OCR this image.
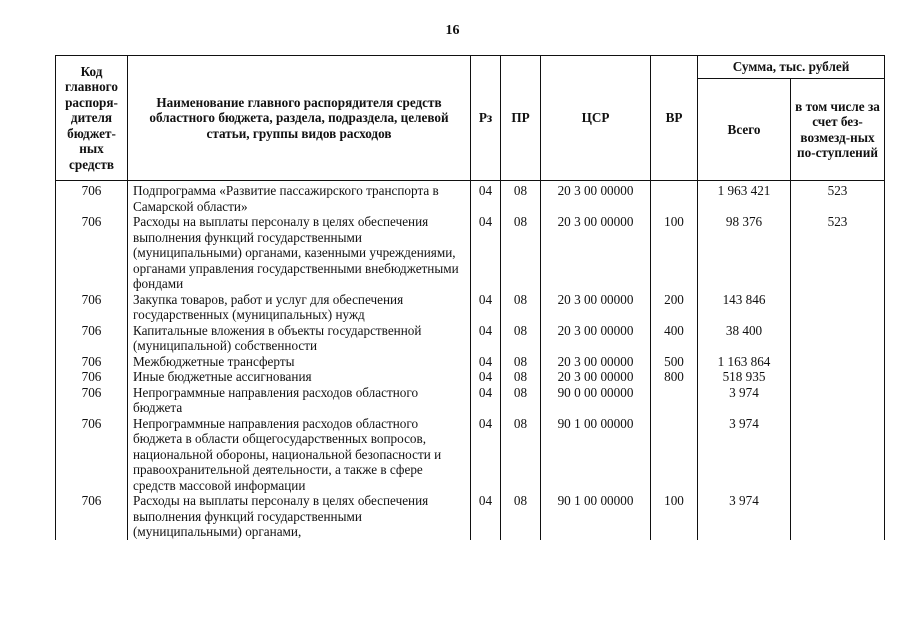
16
Код главного распоря-дителя бюджет-ных средств	Наименование главного распорядителя средств областного бюджета, раздела, подраздела, целевой статьи, группы видов расходов	Рз	ПР	ЦСР	ВР	Сумма, тыс. рублей	
						Всего	в том числе за счет без-возмезд-ных по-ступлений
706	Подпрограмма «Развитие пассажирского транспорта в Самарской области»	04	08	20 3 00 00000		1 963 421	523
706	Расходы на выплаты персоналу в целях обеспечения выполнения функций государственными (муниципальными) органами, казенными учреждениями, органами управления государственными внебюджетными фондами	04	08	20 3 00 00000	100	98 376	523
706	Закупка товаров, работ и услуг для обеспечения государственных (муниципальных) нужд	04	08	20 3 00 00000	200	143 846	
706	Капитальные вложения в объекты государственной (муниципальной) собственности	04	08	20 3 00 00000	400	38 400	
706	Межбюджетные трансферты	04	08	20 3 00 00000	500	1 163 864	
706	Иные бюджетные ассигнования	04	08	20 3 00 00000	800	518 935	
706	Непрограммные направления расходов областного бюджета	04	08	90 0 00 00000		3 974	
706	Непрограммные направления расходов областного бюджета в области общегосударственных вопросов, национальной обороны, национальной безопасности и правоохранительной деятельности, а также в сфере средств массовой информации	04	08	90 1 00 00000		3 974	
706	Расходы на выплаты персоналу в целях обеспечения выполнения функций государственными (муниципальными) органами,	04	08	90 1 00 00000	100	3 974	
